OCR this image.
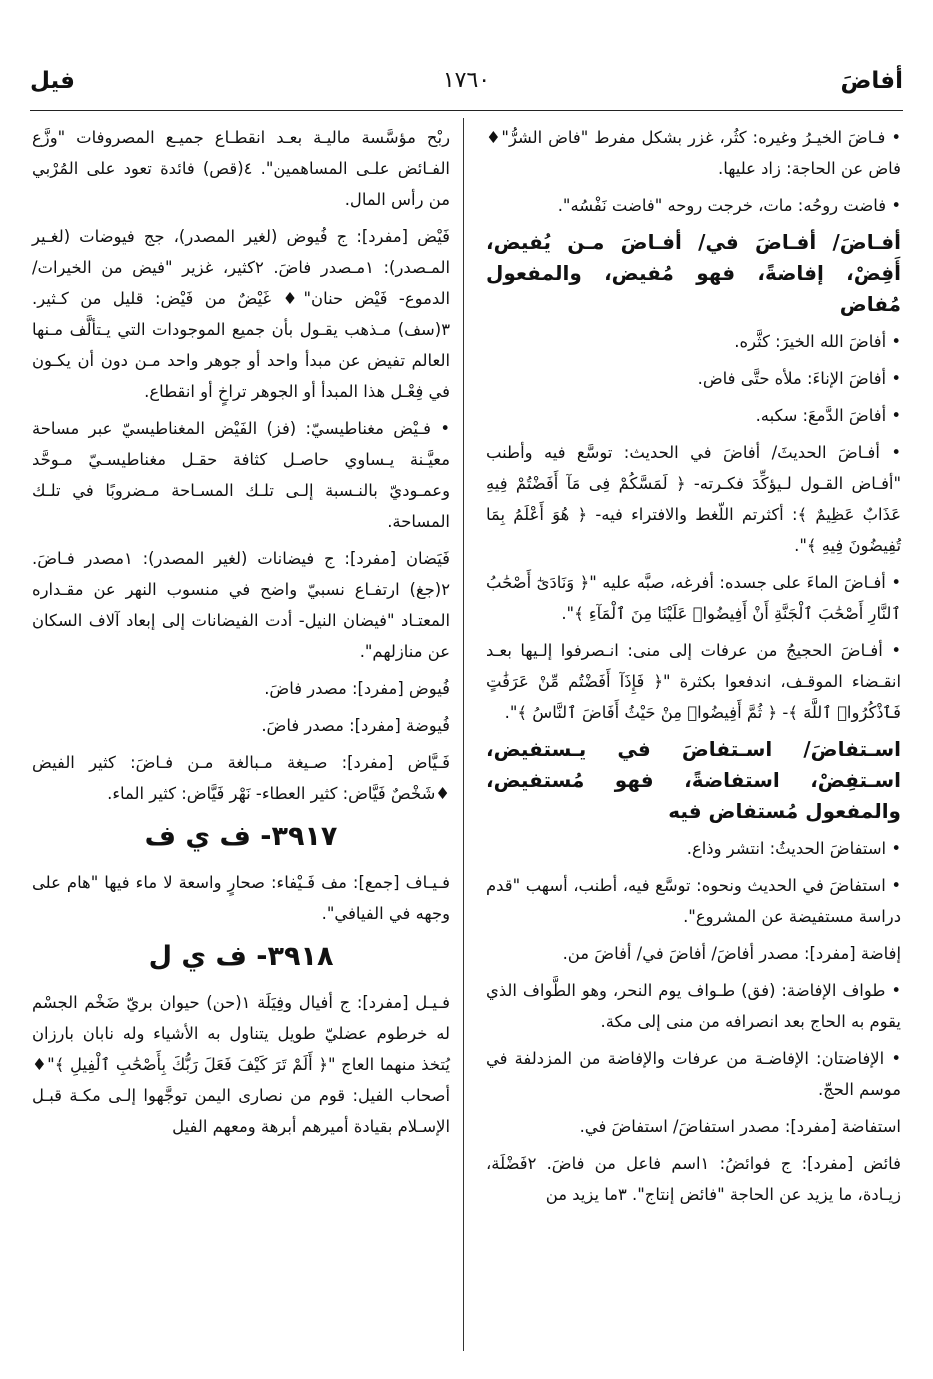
أفاضَ
١٧٦٠
فيل

• فـاضَ الخيـرُ وغيره: كثُر، غزر بشكل مفرط "فاض الشرُّ"♦ فاض عن الحاجة: زاد عليها.

• فاضت روحُه: مات، خرجت روحه "فاضت نَفْسُه".

أفـاضَ/ أفـاضَ في/ أفـاضَ مـن يُفيض، أَفِضْ، إفاضةً، فهو مُفيض، والمفعول مُفاض

• أفاضَ الله الخيرَ: كثَّره.

• أفاضَ الإناءَ: ملأه حتَّى فاض.

• أفاضَ الدَّمعَ: سكبه.

• أفـاضَ الحديثَ/ أفاضَ في الحديث: توسَّع فيه وأطنب "أفـاض القـول لـيؤكِّدَ فكـرته- ﴿ لَمَسَّكُمْ فِى مَآ أَفَضْتُمْ فِيهِ عَذَابٌ عَظِيمٌ ﴾: أكثرتم اللّغط والافتراء فيه- ﴿ هُوَ أَعْلَمُ بِمَا تُفِيضُونَ فِيهِ ﴾".

• أفـاضَ الماءَ على جسده: أفرغه، صبَّه عليه "﴿ وَنَادَىٰٓ أَصْحَٰبُ ٱلنَّارِ أَصْحَٰبَ ٱلْجَنَّةِ أَنْ أَفِيضُوا۟ عَلَيْنَا مِنَ ٱلْمَآءِ ﴾".

• أفـاضَ الحجيجُ من عرفات إلى منى: انـصرفوا إلـيها بعـد انقـضاء الموقـف، اندفعوا بكثرة "﴿ فَإِذَآ أَفَضْتُم مِّنْ عَرَفَٰتٍ فَٱذْكُرُوا۟ ٱللَّهَ ﴾- ﴿ ثُمَّ أَفِيضُوا۟ مِنْ حَيْثُ أَفَاضَ ٱلنَّاسُ ﴾".

اسـتفاضَ/ اسـتفاضَ في يـستفيض، اسـتفِضْ، استفاضةً، فهو مُستفيض، والمفعول مُستفاض فيه

• استفاضَ الحديثُ: انتشر وذاع.

• استفاضَ في الحديث ونحوه: توسَّع فيه، أطنب، أسهب "قدم دراسة مستفيضة عن المشروع".

إفاضة [مفرد]: مصدر أفاضَ/ أفاضَ في/ أفاضَ من.

• طواف الإفاضة: (فق) طـواف يوم النحر، وهو الطَّواف الذي يقوم به الحاج بعد انصرافه من منى إلى مكة.

• الإفاضتان: الإفاضـة من عرفات والإفاضة من المزدلفة في موسم الحجّ.

استفاضة [مفرد]: مصدر استفاضَ/ استفاضَ في.

فائض [مفرد]: ج فوائضُ: ١اسم فاعل من فاضَ. ٢فَضْلَة، زيـادة، ما يزيد عن الحاجة "فائض إنتاج". ٣ما يزيد من

ربْح مؤسَّسة ماليـة بعـد انقطـاع جميـع المصروفات "وزَّع الفـائض علـى المساهمين". ٤(قص) فائدة تعود على المُرْبي من رأس المال.

فَيْض [مفرد]: ج فُيوض (لغير المصدر)، جج فيوضات (لغـير المـصدر): ١مـصدر فاضَ. ٢كثير، غزير "فيض من الخيرات/ الدموع- فَيْض حنان"♦ غَيْضٌ من فَيْض: قليل من كـثير. ٣(سف) مـذهب يقـول بأن جميع الموجودات التي يـتألَّف مـنها العالم تفيض عن مبدأ واحد أو جوهر واحد مـن دون أن يكـون في فِعْـل هذا المبدأ أو الجوهر تراخٍ أو انقطاع.

• فـيْض مغناطيسيّ: (فز) الفَيْض المغناطيسيّ عبر مساحة معيَّـنة يـساوي حاصـل كثافة حقـل مغناطيسـيّ مـوحَّد وعمـوديّ بالنـسبة إلـى تلـك المسـاحة مـضروبًا في تلـك المساحة.

فَيَضان [مفرد]: ج فيضانات (لغير المصدر): ١مصدر فـاضَ. ٢(جغ) ارتفـاع نسبيّ واضح في منسوب النهر عن مقـداره المعتـاد "فيضان النيل- أدت الفيضانات إلى إبعاد آلاف السكان عن منازلهم".

فُيوض [مفرد]: مصدر فاضَ.

فُيوضة [مفرد]: مصدر فاضَ.

فَـيَّاض [مفرد]: صـيغة مـبالغة مـن فـاضَ: كثير الفيض ♦شَخْصٌ فَيَّاض: كثير العطاء- نَهْر فَيَّاض: كثير الماء.

٣٩١٧- ف ي ف

فـيـاف [جمع]: مف فَـيْفاء: صحارٍ واسعة لا ماء فيها "هام على وجهه في الفيافي".

٣٩١٨- ف ي ل

فـيـل [مفرد]: ج أفيال وفِيَلَة ١(حن) حيوان بريّ ضَخْم الجسْم له خرطوم عضليّ طويل يتناول به الأشياء وله نابان بارزان يُتخذ منهما العاج "﴿ أَلَمْ تَرَ كَيْفَ فَعَلَ رَبُّكَ بِأَصْحَٰبِ ٱلْفِيلِ ﴾"♦ أصحاب الفيل: قوم من نصارى اليمن توجَّهوا إلـى مكـة قبـل الإسـلام بقيادة أميرهم أبرهة ومعهم الفيل
